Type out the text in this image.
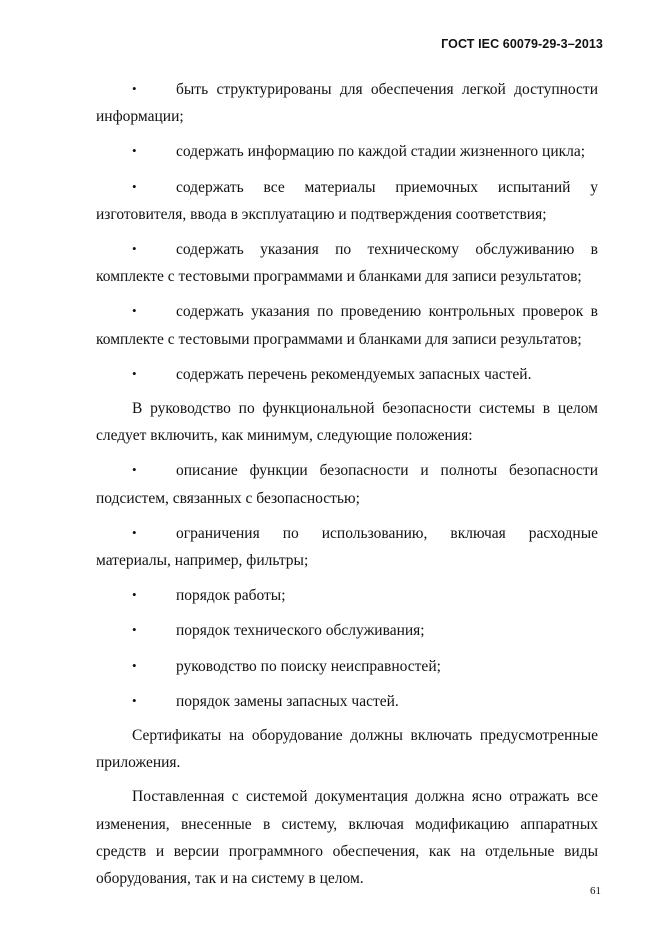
ГОСТ IEC 60079-29-3–2013

•	быть структурированы для обеспечения легкой доступности информации;

•	содержать информацию по каждой стадии жизненного цикла;

•	содержать все материалы приемочных испытаний у изготовителя, ввода в эксплуатацию и подтверждения соответствия;

•	содержать указания по техническому обслуживанию в комплекте с тестовыми программами и бланками для записи результатов;

•	содержать указания по проведению контрольных проверок в комплекте с тестовыми программами и бланками для записи результатов;

•	содержать перечень рекомендуемых запасных частей.

В руководство по функциональной безопасности системы в целом следует включить, как минимум, следующие положения:

•	описание функции безопасности и полноты безопасности подсистем, связанных с безопасностью;

•	ограничения по использованию, включая расходные материалы, например, фильтры;

•	порядок работы;

•	порядок технического обслуживания;

•	руководство по поиску неисправностей;

•	порядок замены запасных частей.

Сертификаты на оборудование должны включать предусмотренные приложения.

Поставленная с системой документация должна ясно отражать все изменения, внесенные в систему, включая модификацию аппаратных средств и версии программного обеспечения, как на отдельные виды оборудования, так и на систему в целом.

61
